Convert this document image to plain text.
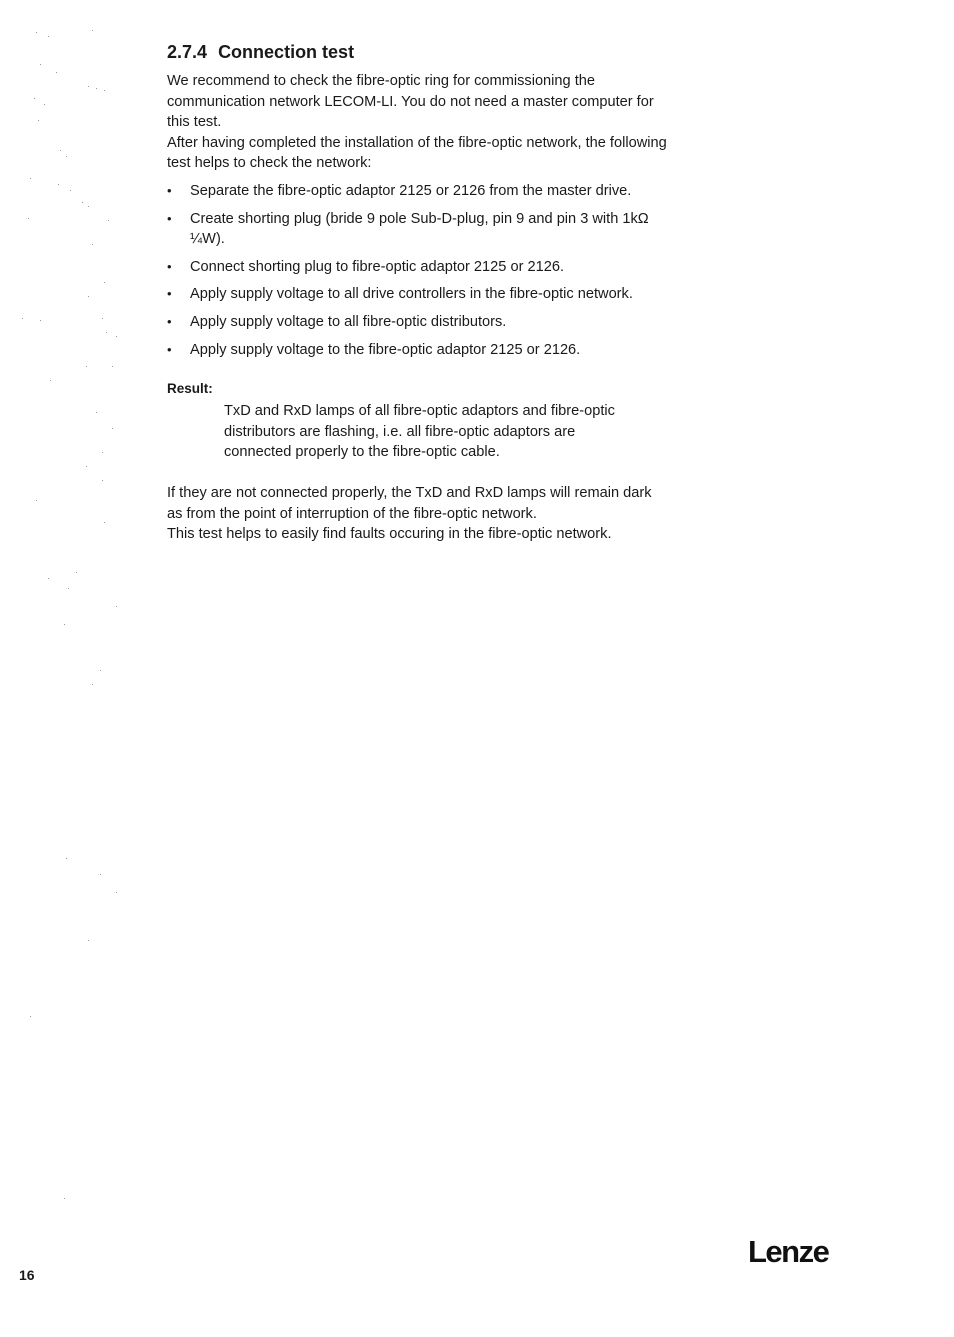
2.7.4 Connection test

We recommend to check the fibre-optic ring for commissioning the communication network LECOM-LI. You do not need a master computer for this test.

After having completed the installation of the fibre-optic network, the following test helps to check the network:

• Separate the fibre-optic adaptor 2125 or 2126 from the master drive.
• Create shorting plug (bride 9 pole Sub-D-plug, pin 9 and pin 3 with 1kΩ ¼W).
• Connect shorting plug to fibre-optic adaptor 2125 or 2126.
• Apply supply voltage to all drive controllers in the fibre-optic network.
• Apply supply voltage to all fibre-optic distributors.
• Apply supply voltage to the fibre-optic adaptor 2125 or 2126.
Result:
TxD and RxD lamps of all fibre-optic adaptors and fibre-optic distributors are flashing, i.e. all fibre-optic adaptors are connected properly to the fibre-optic cable.

If they are not connected properly, the TxD and RxD lamps will remain dark as from the point of interruption of the fibre-optic network.

This test helps to easily find faults occuring in the fibre-optic network.

16
Lenze
